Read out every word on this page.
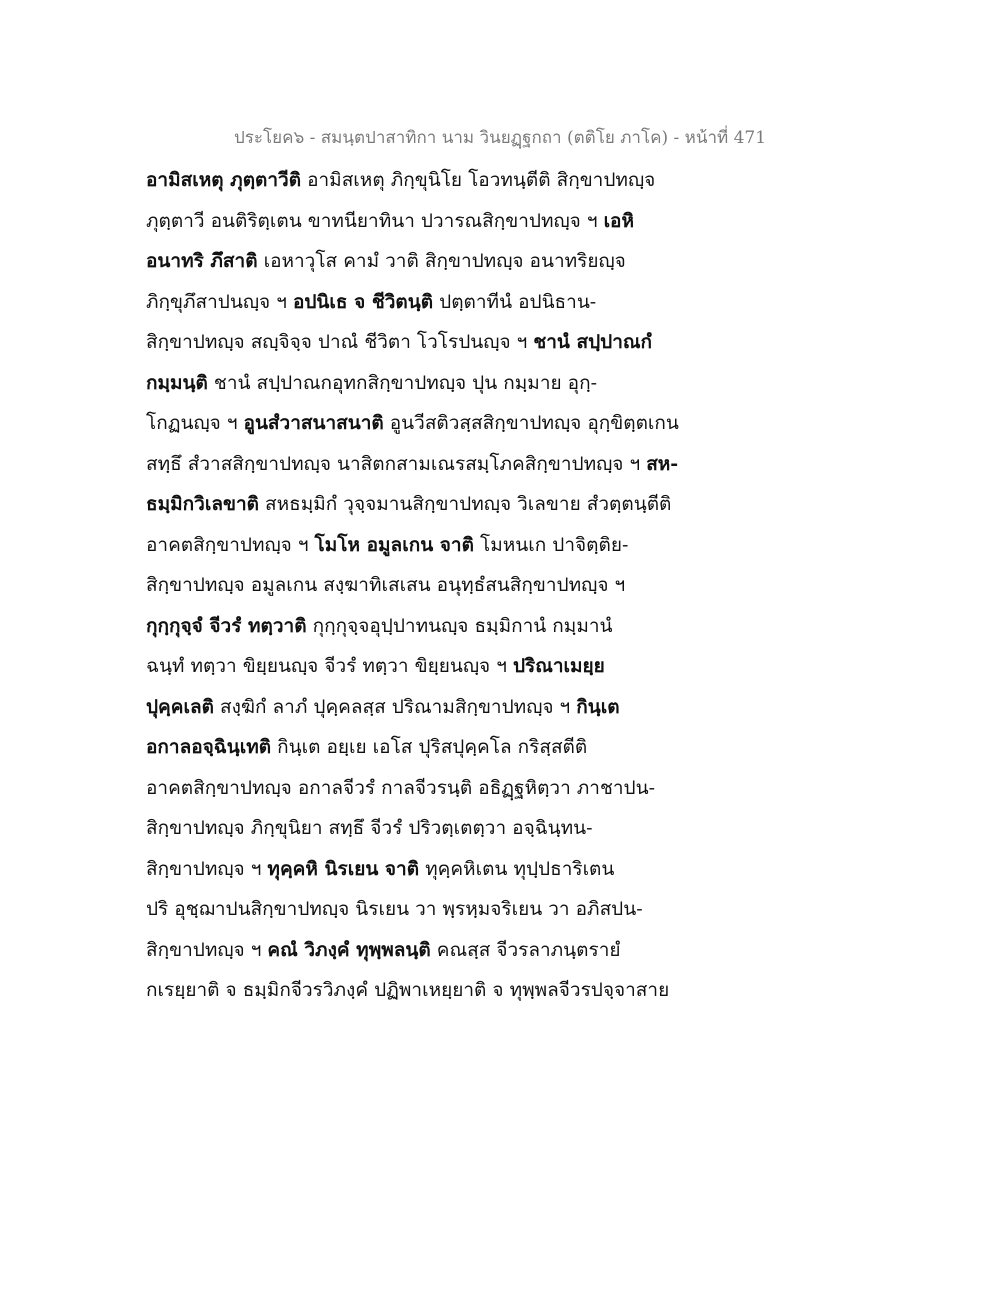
ประโยค๖ - สมนฺตปาสาทิกา นาม วินยฏฺฐกถา (ตติโย ภาโค) - หน้าที่ 471
อามิสเหตุ ภุตฺตาวีติ อามิสเหตุ ภิกฺขุนิโย โอวทนฺตีติ สิกฺขาปทญฺจ
ภุตฺตาวี อนติริตฺเตน ขาทนียาทินา ปวารณสิกฺขาปทญฺจ ฯ เอหิ
อนาทริ ภึสาติ เอหาวุโส คามํ วาติ สิกฺขาปทญฺจ อนาทริยญฺจ
ภิกฺขุภึสาปนญฺจ ฯ อปนิเธ จ ชีวิตนฺติ ปตฺตาทีนํ อปนิธาน-
สิกฺขาปทญฺจ สญฺจิจฺจ ปาณํ ชีวิตา โวโรปนญฺจ ฯ ชานํ สปฺปาณกํ
กมฺมนฺติ ชานํ สปฺปาณกอุทกสิกฺขาปทญฺจ ปุน กมฺมาย อุกฺ-
โกฏนญฺจ ฯ อูนสํวาสนาสนาติ อูนวีสติวสฺสสิกฺขาปทญฺจ อุกฺขิตฺตเกน
สทฺธึ สํวาสสิกฺขาปทญฺจ นาสิตกสามเณรสมฺโภคสิกฺขาปทญฺจ ฯ สห-
ธมฺมิกวิเลขาติ สหธมฺมิกํ วุจฺจมานสิกฺขาปทญฺจ วิเลขาย สํวตฺตนฺตีติ
อาคตสิกฺขาปทญฺจ ฯ โมโห อมูลเกน จาติ โมหนเก ปาจิตฺติย-
สิกฺขาปทญฺจ อมูลเกน สงฺฆาทิเสเสน อนุทฺธํสนสิกฺขาปทญฺจ ฯ
กุกฺกุจฺจํ จีวรํ ทตฺวาติ กุกฺกุจฺจอุปฺปาทนญฺจ ธมฺมิกานํ กมฺมานํ
ฉนฺทํ ทตฺวา ขิยฺยนญฺจ จีวรํ ทตฺวา ขิยฺยนญฺจ ฯ ปริณาเมยฺย
ปุคฺคเลติ สงฺฆิกํ ลาภํ ปุคฺคลสฺส ปริณามสิกฺขาปทญฺจ ฯ กินฺเต
อกาลอจฺฉินฺเทติ กินฺเต อยฺเย เอโส ปุริสปุคฺคโล กริสฺสตีติ
อาคตสิกฺขาปทญฺจ อกาลจีวรํ กาลจีวรนฺติ อธิฏฺฐหิตฺวา ภาชาปน-
สิกฺขาปทญฺจ ภิกฺขุนิยา สทฺธึ จีวรํ ปริวตฺเตตฺวา อจฺฉินฺทน-
สิกฺขาปทญฺจ ฯ ทุคฺคหิ นิรเยน จาติ ทุคฺคหิเตน ทุปฺปธาริเตน
ปริ อุชฺฌาปนสิกฺขาปทญฺจ นิรเยน วา พฺรหฺมจริเยน วา อภิสปน-
สิกฺขาปทญฺจ ฯ คณํ วิภงฺคํ ทุพฺพลนฺติ คณสฺส จีวรลาภนฺตรายํ
กเรยฺยาติ จ ธมฺมิกจีวรวิภงฺคํ ปฏิพาเหยฺยาติ จ ทุพฺพลจีวรปจฺจาสาย
